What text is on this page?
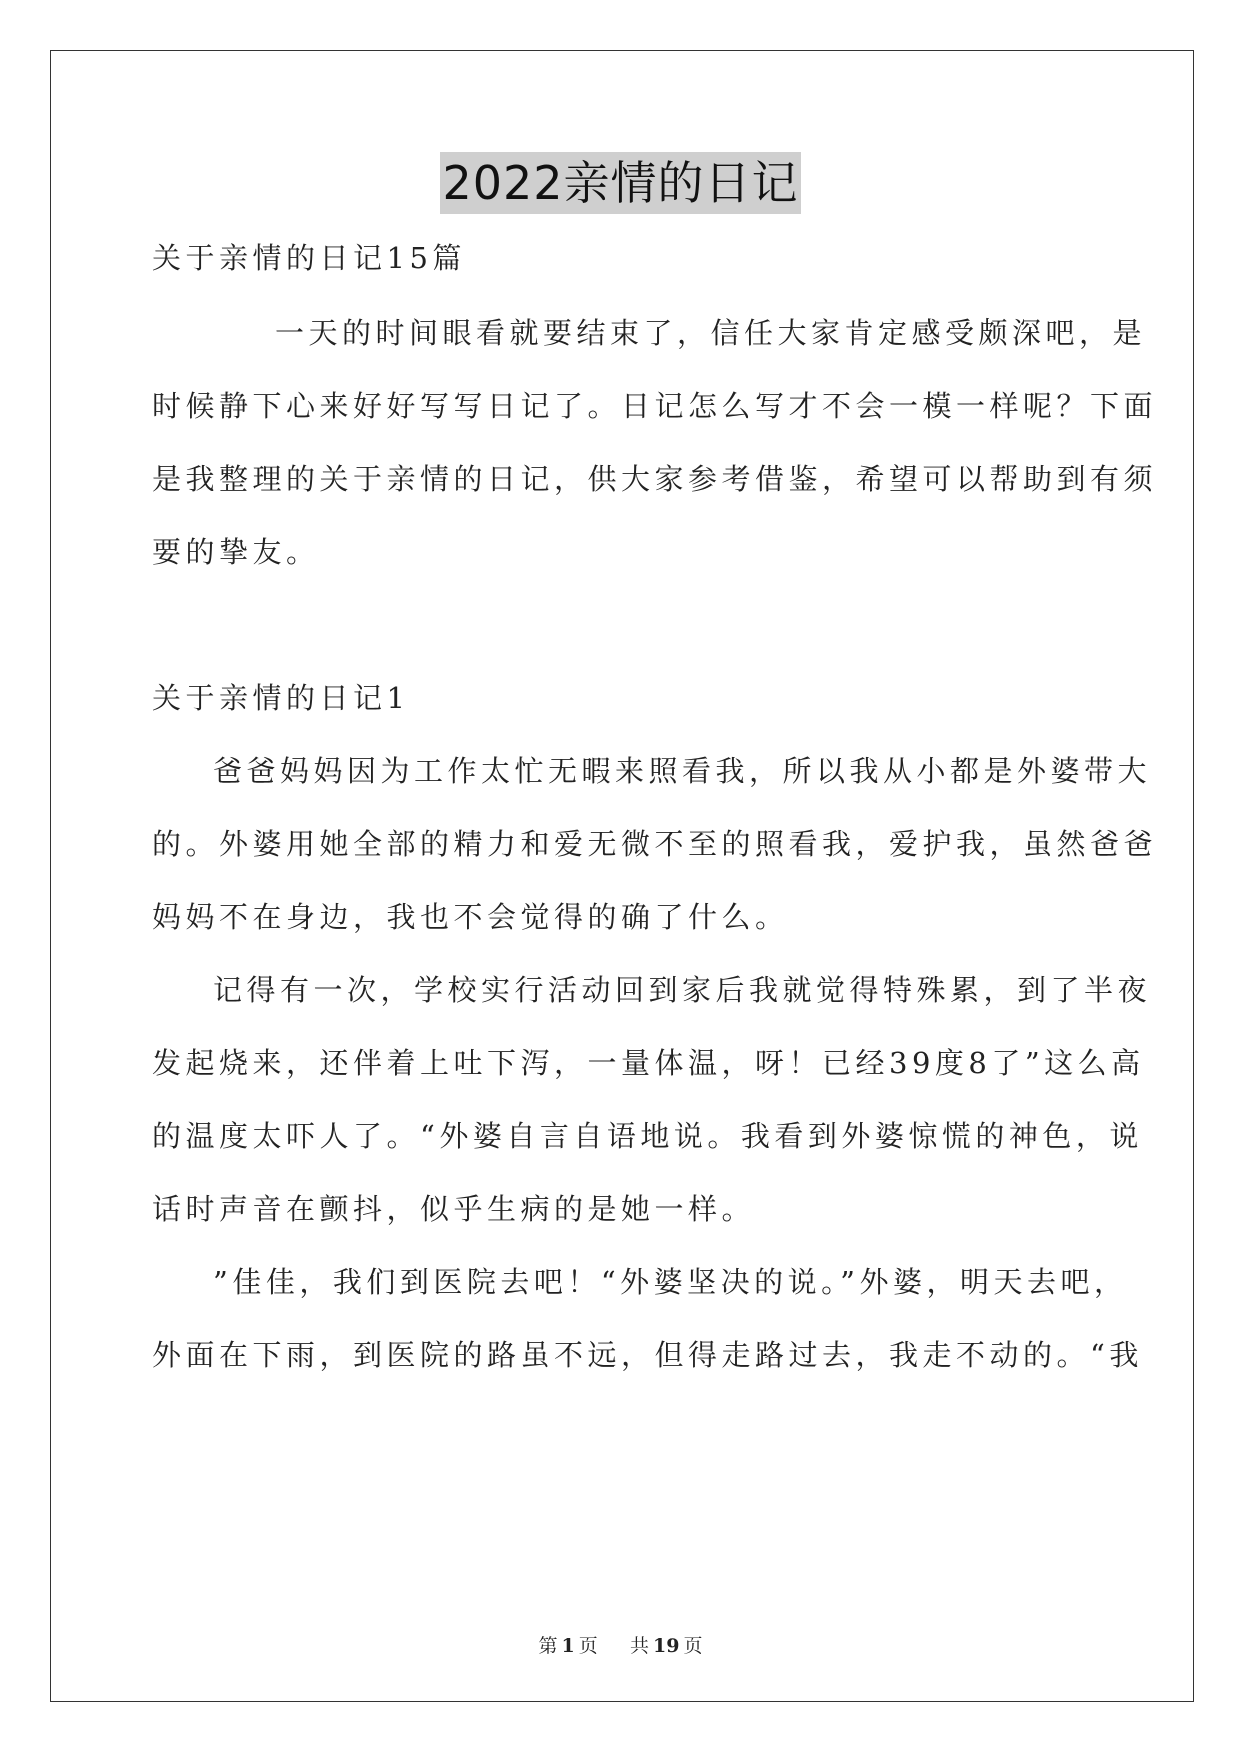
2022亲情的日记
关于亲情的日记15篇
一天的时间眼看就要结束了，信任大家肯定感受颇深吧，是
时候静下心来好好写写日记了。日记怎么写才不会一模一样呢？下面
是我整理的关于亲情的日记，供大家参考借鉴，希望可以帮助到有须
要的挚友。
关于亲情的日记1
爸爸妈妈因为工作太忙无暇来照看我，所以我从小都是外婆带大
的。外婆用她全部的精力和爱无微不至的照看我，爱护我，虽然爸爸
妈妈不在身边，我也不会觉得的确了什么。
记得有一次，学校实行活动回到家后我就觉得特殊累，到了半夜
发起烧来，还伴着上吐下泻，一量体温，呀！已经39度8了”这么高
的温度太吓人了。“外婆自言自语地说。我看到外婆惊慌的神色，说
话时声音在颤抖，似乎生病的是她一样。
”佳佳，我们到医院去吧！“外婆坚决的说。”外婆，明天去吧，
外面在下雨，到医院的路虽不远，但得走路过去，我走不动的。“我
第 1 页 共 19 页
